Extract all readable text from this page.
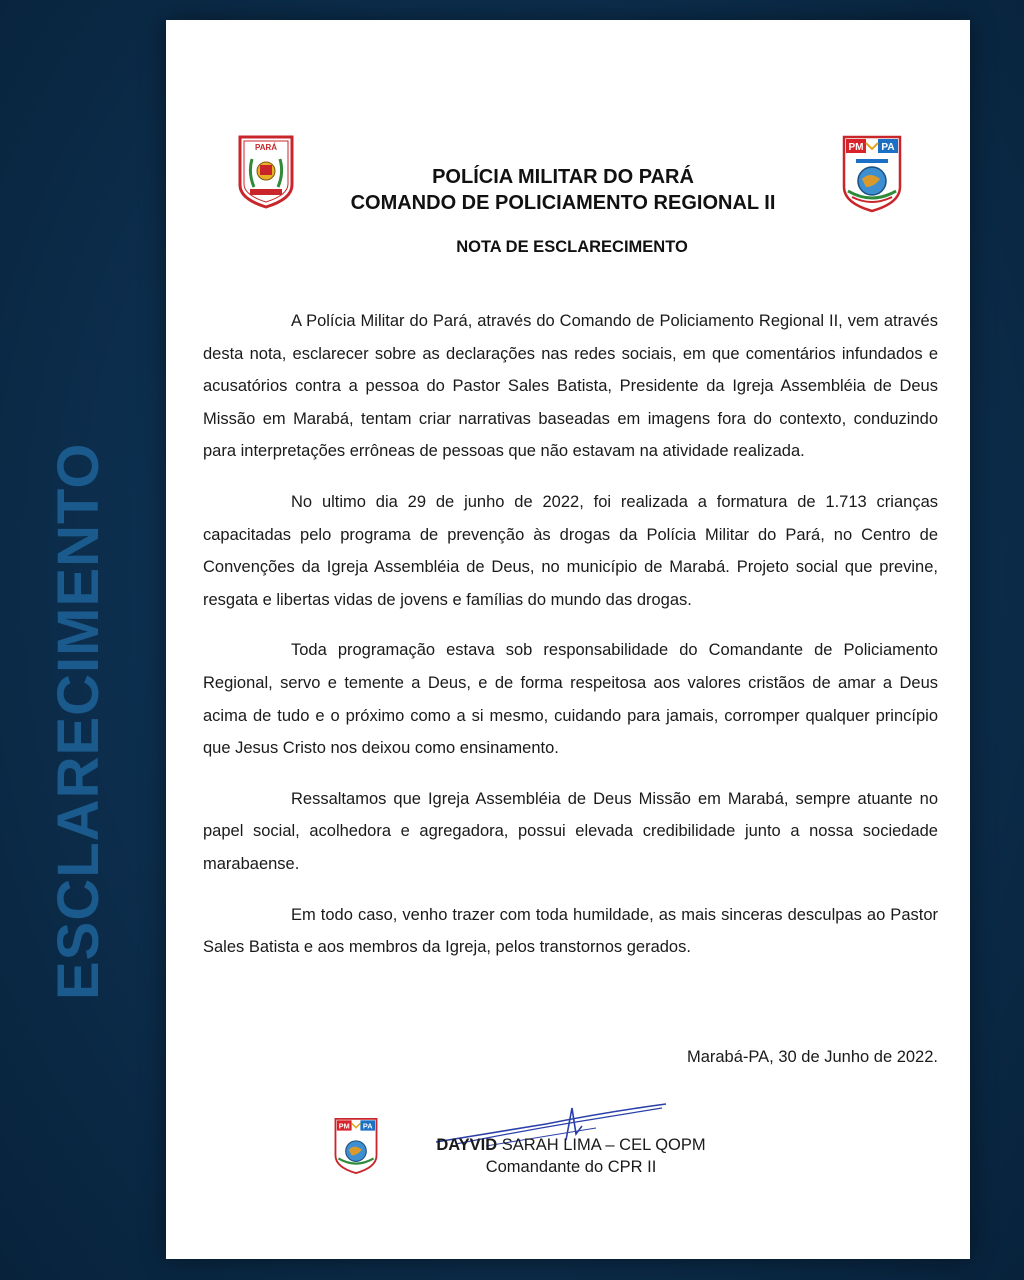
ESCLARECIMENTO
PARÁ
POLÍCIA MILITAR DO PARÁ
COMANDO DE POLICIAMENTO REGIONAL II
PM PA
NOTA DE ESCLARECIMENTO

A Polícia Militar do Pará, através do Comando de Policiamento Regional II, vem através desta nota, esclarecer sobre as declarações nas redes sociais, em que comentários infundados e acusatórios contra a pessoa do Pastor Sales Batista, Presidente da Igreja Assembléia de Deus Missão em Marabá, tentam criar narrativas baseadas em imagens fora do contexto, conduzindo para interpretações errôneas de pessoas que não estavam na atividade realizada.

No ultimo dia 29 de junho de 2022, foi realizada a formatura de 1.713 crianças capacitadas pelo programa de prevenção às drogas da Polícia Militar do Pará, no Centro de Convenções da Igreja Assembléia de Deus, no município de Marabá. Projeto social que previne, resgata e libertas vidas de jovens e famílias do mundo das drogas.

Toda programação estava sob responsabilidade do Comandante de Policiamento Regional, servo e temente a Deus, e de forma respeitosa aos valores cristãos de amar a Deus acima de tudo e o próximo como a si mesmo, cuidando para jamais, corromper qualquer princípio que Jesus Cristo nos deixou como ensinamento.

Ressaltamos que Igreja Assembléia de Deus Missão em Marabá, sempre atuante no papel social, acolhedora e agregadora, possui elevada credibilidade junto a nossa sociedade marabaense.

Em todo caso, venho trazer com toda humildade, as mais sinceras desculpas ao Pastor Sales Batista e aos membros da Igreja, pelos transtornos gerados.

Marabá-PA, 30 de Junho de 2022.
PM PA
DAYVID SARAH LIMA – CEL QOPM
Comandante do CPR II
